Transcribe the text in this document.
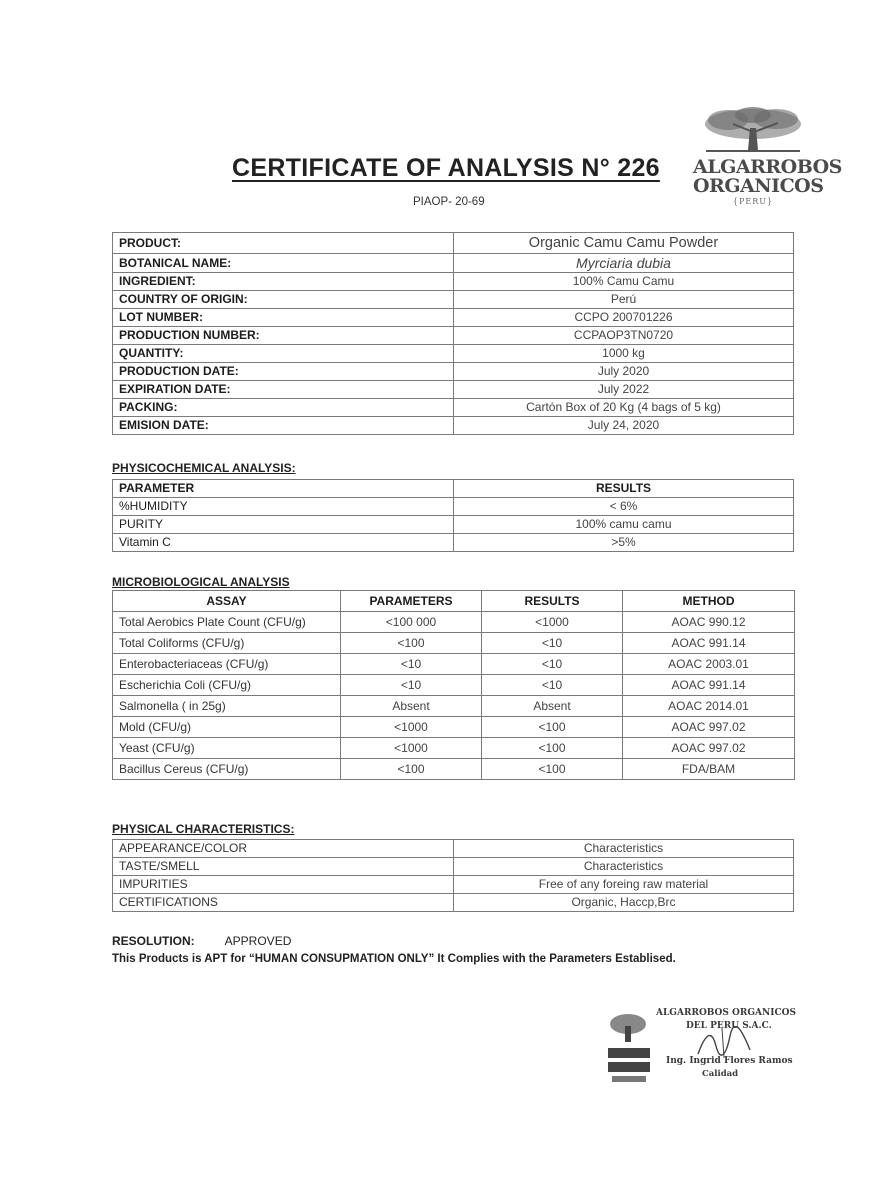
CERTIFICATE OF ANALYSIS N° 226
PIAOP- 20-69
ALGARROBOS
ORGANICOS
{PERU}
PRODUCT:	Organic Camu Camu Powder
BOTANICAL NAME:	Myrciaria dubia
INGREDIENT:	100% Camu Camu
COUNTRY OF ORIGIN:	Perú
LOT NUMBER:	CCPO 200701226
PRODUCTION NUMBER:	CCPAOP3TN0720
QUANTITY:	1000 kg
PRODUCTION DATE:	July 2020
EXPIRATION DATE:	July 2022
PACKING:	Cartón Box of 20 Kg (4 bags of 5 kg)
EMISION DATE:	July 24, 2020
PHYSICOCHEMICAL ANALYSIS:
PARAMETER	RESULTS
%HUMIDITY	< 6%
PURITY	100% camu camu
Vitamin C	>5%
MICROBIOLOGICAL ANALYSIS
ASSAY	PARAMETERS	RESULTS	METHOD
Total Aerobics Plate Count (CFU/g)	<100 000	<1000	AOAC 990.12
Total Coliforms (CFU/g)	<100	<10	AOAC 991.14
Enterobacteriaceas (CFU/g)	<10	<10	AOAC 2003.01
Escherichia Coli (CFU/g)	<10	<10	AOAC 991.14
Salmonella ( in 25g)	Absent	Absent	AOAC 2014.01
Mold (CFU/g)	<1000	<100	AOAC 997.02
Yeast (CFU/g)	<1000	<100	AOAC 997.02
Bacillus Cereus (CFU/g)	<100	<100	FDA/BAM
PHYSICAL CHARACTERISTICS:
APPEARANCE/COLOR	Characteristics
TASTE/SMELL	Characteristics
IMPURITIES	Free of any foreing raw material
CERTIFICATIONS	Organic, Haccp,Brc
RESOLUTION:	APPROVED
This Products is APT for “HUMAN CONSUPMATION ONLY” It Complies with the Parameters Establised.
ALGARROBOS ORGANICOS
DEL PERU S.A.C.
Ing. Ingrid Flores Ramos
Calidad
